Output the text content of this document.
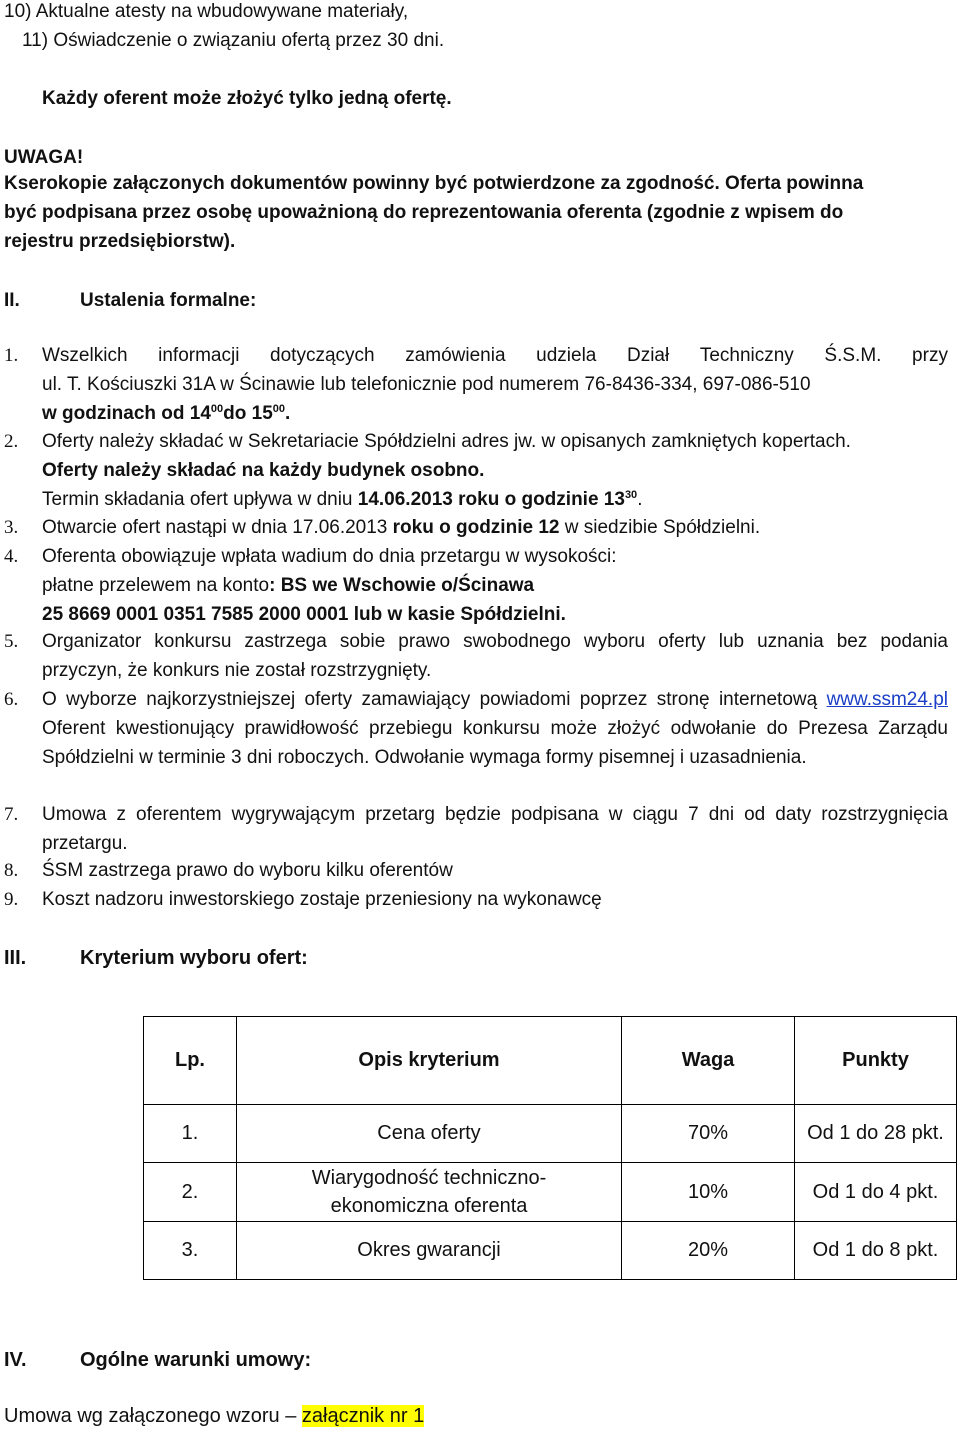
10) Aktualne atesty na wbudowywane materiały,
11) Oświadczenie o związaniu ofertą przez 30 dni.
Każdy oferent może złożyć tylko jedną ofertę.
UWAGA!
Kserokopie załączonych dokumentów powinny być potwierdzone za zgodność. Oferta powinna
być podpisana przez osobę upoważnioną do reprezentowania oferenta (zgodnie z wpisem do
rejestru przedsiębiorstw).
II.	Ustalenia formalne:
1. Wszelkich informacji dotyczących zamówienia udziela Dział Techniczny Ś.S.M. przy
ul. T. Kościuszki 31A w Ścinawie lub telefonicznie pod numerem 76-8436-334, 697-086-510
w godzinach od $14^{00}do$ $15^{00}$.
2. Oferty należy składać w Sekretariacie Spółdzielni adres jw. w opisanych zamkniętych kopertach.
Oferty należy składać na każdy budynek osobno.
Termin składania ofert upływa w dniu 14.06.2013 roku o godzinie $13^{30}$.
3. Otwarcie ofert nastąpi w dnia 17.06.2013 roku o godzinie 12 w siedzibie Spółdzielni.
4. Oferenta obowiązuje wpłata wadium do dnia przetargu w wysokości:
płatne przelewem na konto: BS we Wschowie o/Ścinawa
25 8669 0001 0351 7585 2000 0001 lub w kasie Spółdzielni.
5. Organizator konkursu zastrzega sobie prawo swobodnego wyboru oferty lub uznania bez podania przyczyn, że konkurs nie został rozstrzygnięty.
6. O wyborze najkorzystniejszej oferty zamawiający powiadomi poprzez stronę internetową www.ssm24.pl Oferent kwestionujący prawidłowość przebiegu konkursu może złożyć odwołanie do Prezesa Zarządu Spółdzielni w terminie 3 dni roboczych. Odwołanie wymaga formy pisemnej i uzasadnienia.
7. Umowa z oferentem wygrywającym przetarg będzie podpisana w ciągu 7 dni od daty rozstrzygnięcia przetargu.
8. ŚSM zastrzega prawo do wyboru kilku oferentów
9. Koszt nadzoru inwestorskiego zostaje przeniesiony na wykonawcę
III.	Kryterium wyboru ofert:
Lp.	Opis kryterium	Waga	Punkty
1.	Cena oferty	70%	Od 1 do 28 pkt.
2.	Wiarygodność techniczno-ekonomiczna oferenta	10%	Od 1 do 4 pkt.
3.	Okres gwarancji	20%	Od 1 do 8 pkt.
IV.	Ogólne warunki umowy:
Umowa wg załączonego wzoru – załącznik nr 1
